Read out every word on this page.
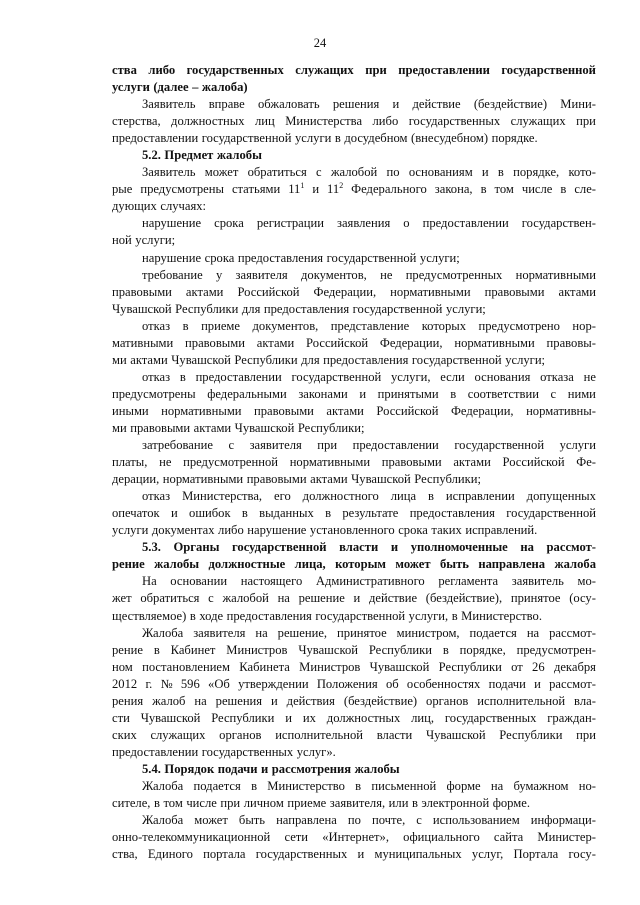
24
ства либо государственных служащих при предоставлении государственной
услуги (далее – жалоба)
Заявитель вправе обжаловать решения и действие (бездействие) Мини-
стерства, должностных лиц Министерства либо государственных служащих при
предоставлении государственной услуги в досудебном (внесудебном) порядке.
5.2. Предмет жалобы
Заявитель может обратиться с жалобой по основаниям и в порядке, кото-
рые предусмотрены статьями $11^1$ и $11^2$ Федерального закона, в том числе в сле-
дующих случаях:
нарушение срока регистрации заявления о предоставлении государствен-
ной услуги;
нарушение срока предоставления государственной услуги;
требование у заявителя документов, не предусмотренных нормативными
правовыми актами Российской Федерации, нормативными правовыми актами
Чувашской Республики для предоставления государственной услуги;
отказ в приеме документов, представление которых предусмотрено нор-
мативными правовыми актами Российской Федерации, нормативными правовы-
ми актами Чувашской Республики для предоставления государственной услуги;
отказ в предоставлении государственной услуги, если основания отказа не
предусмотрены федеральными законами и принятыми в соответствии с ними
иными нормативными правовыми актами Российской Федерации, нормативны-
ми правовыми актами Чувашской Республики;
затребование с заявителя при предоставлении государственной услуги
платы, не предусмотренной нормативными правовыми актами Российской Фе-
дерации, нормативными правовыми актами Чувашской Республики;
отказ Министерства, его должностного лица в исправлении допущенных
опечаток и ошибок в выданных в результате предоставления государственной
услуги документах либо нарушение установленного срока таких исправлений.
5.3. Органы государственной власти и уполномоченные на рассмот-
рение жалобы должностные лица, которым может быть направлена жалоба
На основании настоящего Административного регламента заявитель мо-
жет обратиться с жалобой на решение и действие (бездействие), принятое (осу-
ществляемое) в ходе предоставления государственной услуги, в Министерство.
Жалоба заявителя на решение, принятое министром, подается на рассмот-
рение в Кабинет Министров Чувашской Республики в порядке, предусмотрен-
ном постановлением Кабинета Министров Чувашской Республики от 26 декабря
2012 г. № 596 «Об утверждении Положения об особенностях подачи и рассмот-
рения жалоб на решения и действия (бездействие) органов исполнительной вла-
сти Чувашской Республики и их должностных лиц, государственных граждан-
ских служащих органов исполнительной власти Чувашской Республики при
предоставлении государственных услуг».
5.4. Порядок подачи и рассмотрения жалобы
Жалоба подается в Министерство в письменной форме на бумажном но-
сителе, в том числе при личном приеме заявителя, или в электронной форме.
Жалоба может быть направлена по почте, с использованием информаци-
онно-телекоммуникационной сети «Интернет», официального сайта Министер-
ства, Единого портала государственных и муниципальных услуг, Портала госу-
